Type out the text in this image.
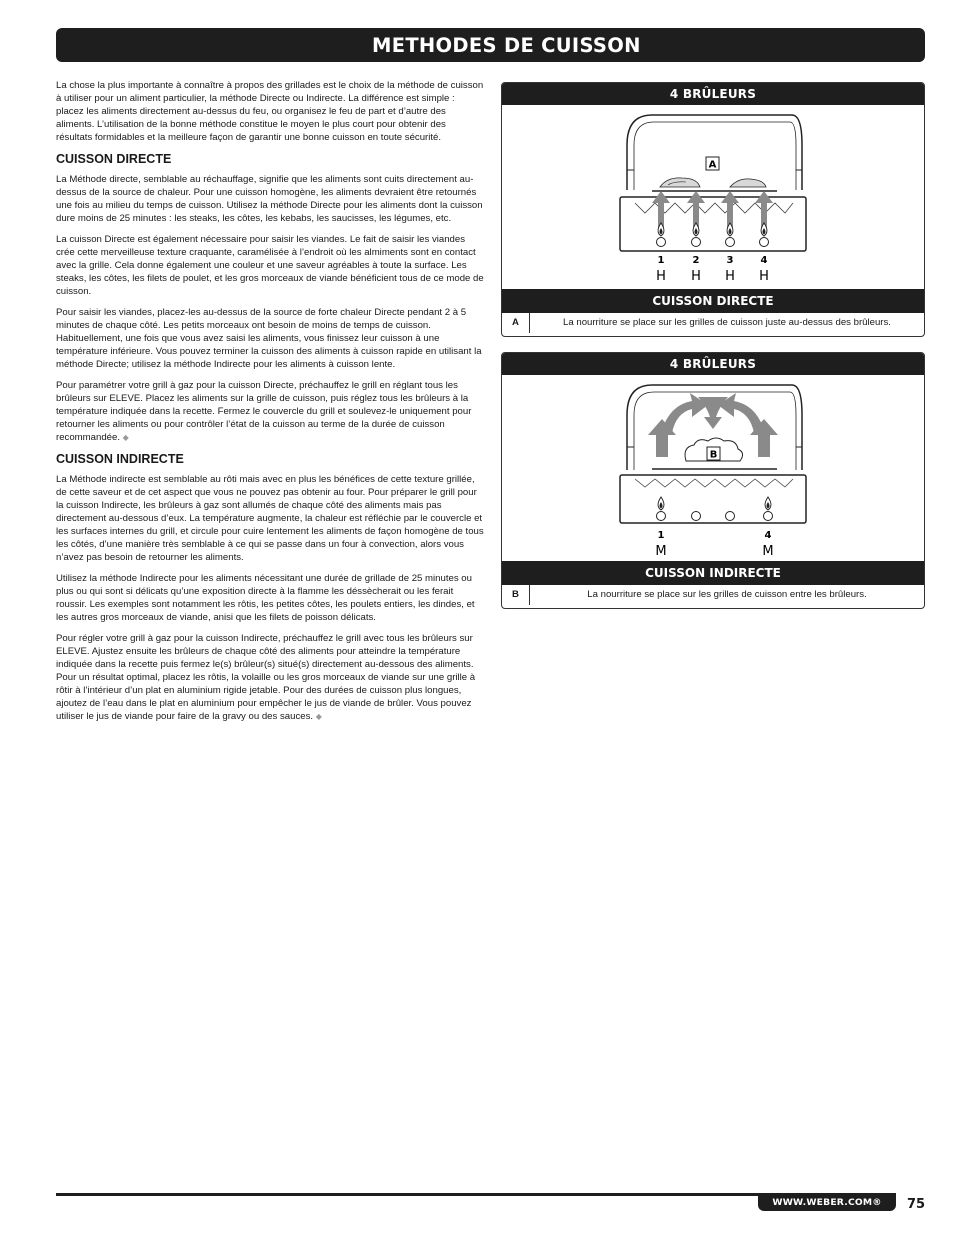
METHODES DE CUISSON

La chose la plus importante à connaître à propos des grillades est le choix de la méthode de cuisson à utiliser pour un aliment particulier, la méthode Directe ou Indirecte. La différence est simple : placez les aliments directement au-dessus du feu, ou organisez le feu de part et d’autre des aliments. L’utilisation de la bonne méthode constitue le moyen le plus court pour obtenir des résultats formidables et la meilleure façon de garantir une bonne cuisson en toute sécurité.

CUISSON DIRECTE

La Méthode directe, semblable au réchauffage, signifie que les aliments sont cuits directement au-dessus de la source de chaleur. Pour une cuisson homogène, les aliments devraient être retournés une fois au milieu du temps de cuisson. Utilisez la méthode Directe pour les aliments dont la cuisson dure moins de 25 minutes : les steaks, les côtes, les kebabs, les saucisses, les légumes, etc.

La cuisson Directe est également nécessaire pour saisir les viandes. Le fait de saisir les viandes crée cette merveilleuse texture craquante, caramélisée à l’endroit où les almiments sont en contact avec la grille. Cela donne également une couleur et une saveur agréables à toute la surface. Les steaks, les côtes, les filets de poulet, et les gros morceaux de viande bénéficient tous de ce mode de cuisson.

Pour saisir les viandes, placez-les au-dessus de la source de forte chaleur Directe pendant 2 à 5 minutes de chaque côté. Les petits morceaux ont besoin de moins de temps de cuisson. Habituellement, une fois que vous avez saisi les aliments, vous finissez leur cuisson à une température inférieure. Vous pouvez terminer la cuisson des aliments à cuisson rapide en utilisant la méthode Directe; utilisez la méthode Indirecte pour les aliments à cuisson lente.

Pour paramétrer votre grill à gaz pour la cuisson Directe, préchauffez le grill en réglant tous les brûleurs sur ELEVE. Placez les aliments sur la grille de cuisson, puis réglez tous les brûleurs à la température indiquée dans la recette. Fermez le couvercle du grill et soulevez-le uniquement pour retourner les aliments ou pour contrôler l’état de la cuisson au terme de la durée de cuisson recommandée. ◆

CUISSON INDIRECTE

La Méthode indirecte est semblable au rôti mais avec en plus les bénéfices de cette texture grillée, de cette saveur et de cet aspect que vous ne pouvez pas obtenir au four. Pour préparer le grill pour la cuisson Indirecte, les brûleurs à gaz sont allumés de chaque côté des aliments mais pas directement au-dessous d’eux. La température augmente, la chaleur est réfléchie par le couvercle et les surfaces internes du grill, et circule pour cuire lentement les aliments de façon homogène de tous les côtés, d’une manière très semblable à ce qui se passe dans un four à convection, alors vous n’avez pas besoin de retourner les aliments.

Utilisez la méthode Indirecte pour les aliments nécessitant une durée de grillade de 25 minutes ou plus ou qui sont si délicats qu’une exposition directe à la flamme les déssècherait ou les ferait roussir. Les exemples sont notamment les rôtis, les petites côtes, les poulets entiers, les dindes, et les autres gros morceaux de viande, anisi que les filets de poisson délicats.

Pour régler votre grill à gaz pour la cuisson Indirecte, préchauffez le grill avec tous les brûleurs sur ELEVE. Ajustez ensuite les brûleurs de chaque côté des aliments pour atteindre la température indiquée dans la recette puis fermez le(s) brûleur(s) situé(s) directement au-dessous des aliments. Pour un résultat optimal, placez les rôtis, la volaille ou les gros morceaux de viande sur une grille à rôtir à l’intérieur d’un plat en aluminium rigide jetable. Pour des durées de cuisson plus longues, ajoutez de l’eau dans le plat en aluminium pour empêcher le jus de viande de brûler. Vous pouvez utiliser le jus de viande pour faire de la gravy ou des sauces. ◆

4 BRÛLEURS
A
1	2	3	4
H H H H
CUISSON DIRECTE
A	La nourriture se place sur les grilles de cuisson juste au-dessus des brûleurs.
4 BRÛLEURS
B
1	4
M	M
CUISSON INDIRECTE
B	La nourriture se place sur les grilles de cuisson entre les brûleurs.
WWW.WEBER.COM®	75
